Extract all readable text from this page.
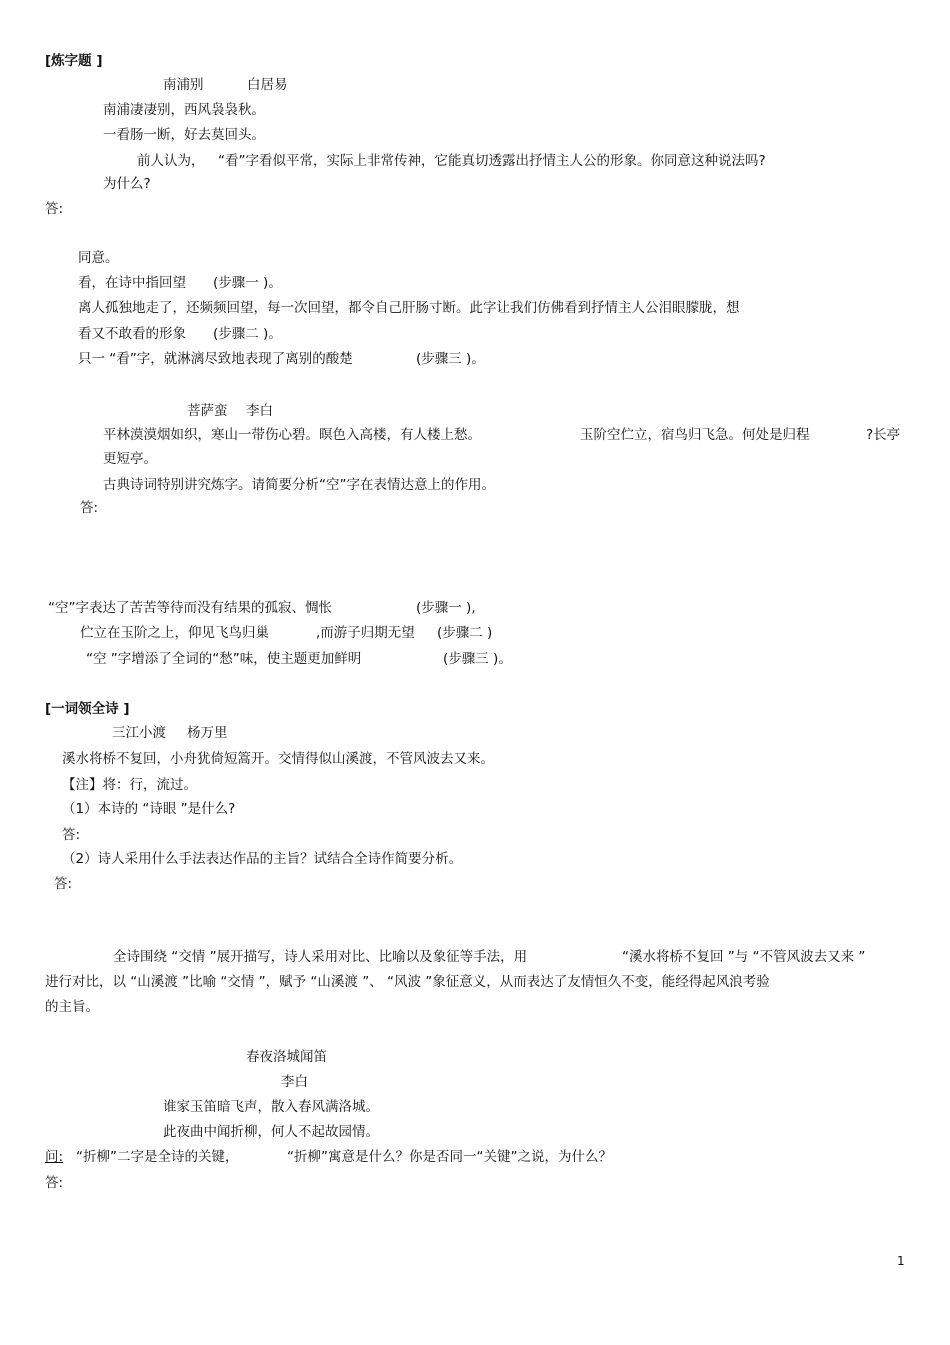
[炼字题 ]
南浦别	白居易
南浦凄凄别，西风袅袅秋。
一看肠一断，好去莫回头。
前人认为， “看”字看似平常，实际上非常传神，它能真切透露出抒情主人公的形象。你同意这种说法吗?
为什么?
答:
同意。
看，在诗中指回望 (步骤一 )。
离人孤独地走了，还频频回望，每一次回望，都令自己肝肠寸断。此字让我们仿佛看到抒情主人公泪眼朦胧，想
看又不敢看的形象 (步骤二 )。
只一 “看”字，就淋漓尽致地表现了离别的酸楚	(步骤三 )。
菩萨蛮 李白
平林漠漠烟如织，寒山一带伤心碧。暝色入高楼，有人楼上愁。	玉阶空伫立，宿鸟归飞急。何处是归程	?长亭
更短亭。
古典诗词特别讲究炼字。请简要分析“空”字在表情达意上的作用。
答:
“空”字表达了苦苦等待而没有结果的孤寂、惆怅	(步骤一 ),
伫立在玉阶之上，仰见飞鸟归巢	,而游子归期无望 (步骤二 )
“空 ”字增添了全词的“愁”味，使主题更加鲜明	(步骤三 )。
[一词领全诗 ]
三江小渡 杨万里
溪水将桥不复回，小舟犹倚短篙开。交情得似山溪渡，不管风波去又来。
【注】将：行，流过。
（1）本诗的 “诗眼 ”是什么?
答:
（2）诗人采用什么手法表达作品的主旨？试结合全诗作简要分析。
答:
全诗围绕 “交情 ”展开描写，诗人采用对比、比喻以及象征等手法，用	“溪水将桥不复回 ”与 “不管风波去又来 ”
进行对比，以 “山溪渡 ”比喻 “交情 ”，赋予 “山溪渡 ”、 “风波 ”象征意义，从而表达了友情恒久不变，能经得起风浪考验
的主旨。
春夜洛城闻笛
李白
谁家玉笛暗飞声，散入春风满洛城。
此夜曲中闻折柳，何人不起故园情。
问: “折柳”二字是全诗的关键，	“折柳”寓意是什么？你是否同一“关键”之说，为什么？
答:
1
